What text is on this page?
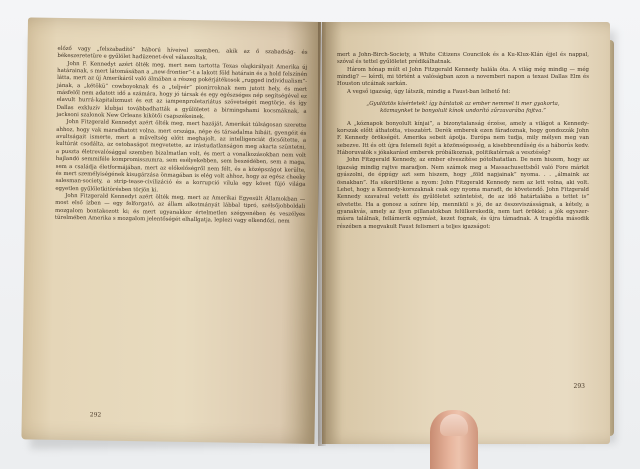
előző vagy „felszabadító” háború híveivel szemben, akik az ő szabadság- és békeszeretetüre e gyűlölet hadüzenet-ével válaszoltak.

John F. Kennedyt azért ölték meg, mert nem tartotta Texas olajkirályait Amerika új határainak, s mert látomásában a „new-frontier”-t a lakott föld határain és a hold felszínén látta, mert az új Amerikáról való álmában a részeg pokérjátékosok „rugged individualism”-jának, a „kétökü” cowboyoknak és a „teljvér” pionírroknak nem jutott hely, és mert másfelől nem adatott idő a számára, hogy jó társak és egy egészséges nép segítségével ez elavult hurrá-kapitalizmust és ezt az iampenproletariátus szövetségét megtörje, és így Dallas exkluzív klubjai továbbadhatták a gyűlöletet a birmingshami kocsmáknak, a jacksoni szalonok New Orleans kikötői csapszékeinek.

John Fitzgerald Kennedyt azért ölték meg, mert hazáját, Amerikát túlságosan szerette ahhoz, hogy vak maradhatott volna, mert országa, népe és társadalma hibáit, gyengéit és avultságait ismerte, mert a műveltség előtt meghajolt, az intelligenciát dicsőítette, a kultúrát csodálta, az ostobaságot megvetette, az irástudatlanságon meg akarta szüntetni, a puszta életrevalósággal szemben bizalmatlan volt, és mert a vonalkozásokban nem volt hajlandó semmiféle kompromisszumra, sem esélyekebben, sem beszédében, sem a maga, sem a családja életformájában, mert az előkelőségről nem félt, és a középszágot kerülte, és mert személyiségének kisugárzása önmagában is elég volt ahhoz, hogy az egész cheeky salesman-society, a strip-tease-civilizáció és a korrupció vilula egy követ fújó világa egyetlen gyűlöletkitörésben törjön ki.

John Fitzgerald Kennedyt azért ölték meg, mert az Amerikai Egyesült Államokban — most első ízben — egy felforgató, az állam alkotmányát lábbal tipró, szélsőjobboldali mozgalom bontakozott ki; és mert ugyanakkor értelmetlen szégyenében és veszélyes türelmében Amerika s mozgalom jelentőségét elhallgatja, leplezi vagy elkendőzi, nem

292

mert a John-Birch-Society, a White Citizens Councilok és a Ku-Klux-Klán éjjel és nappal, szóval és tettel gyűlöletet prédikálhatnak.

Három hónap múlt el John Fitzgerald Kennedy halála óta. A világ még mindig — még mindig? — kérdi, mi történt a valóságban azon a novemberi napon a texasi Dallas Elm és Houston utcáinak sarkán.

A vegső igazság, úgy látszik, mindig a Faust-ban lelhető fel:

„Gyulöztös kísértetek! így bántatok az ember nemmel ti mer gyakorta, közmaynket te bonyolult kínok undorító zűrzavarába fojtva.”

A „kóznapok bonyolult kínjai”, a bizonytalanság érzése, amely a világot a Kennedy-korszak előtt áthatotta, visszatért. Derék emberek ezen fáradoznak, hogy gondozzák John F. Kennedy örökségét. Amerika sebeit ápolja. Európa nem tudja, mily mélyen meg van sebezve. Itt és ott újra felemeli fejét a közönségesség, a kisebbrendűség és a háborús kedv. Háboruvalók s jókakarásd emberek próbálkoznak, politikatérnak a vesztéség?

John Fitzgerald Kennedy, az ember elveszítése pótolhatatlan. De nem hiszem, hogy az igazság mindig rajtve maradjon. Nem számok meg a Massachusettsből való Fore márkit gyászolni, de éppúgy azt sem hiszem, hogy „föld napjainak” nyoma. . . „álmaink az ösnakban”. Ha sikerültlene a nyom: John Fitzgerald Kennedy nem az lett volna, aki volt. Lehet, hogy a Kennedy-korszaknak csak egy nyoma maradt, de követendő. John Fitzgerald Kennedy szavaival vetett és gyűlöletet szüntetést, de az idő határtalába a tettet is” elvetette. Ha a gonosz a színre lép, mennikül s jó, de az összeviszásságnak, a kétely, a gyanakvás, amely az ilyen pillanatokban felülkerekedik, nem tart örökké; a jók egyszer-másra találnak, fellámerik egymást, kezet fognak, és újra támadnak. A tragédia második részében a megvakult Faust felismeri a teljes igazságot:

293
